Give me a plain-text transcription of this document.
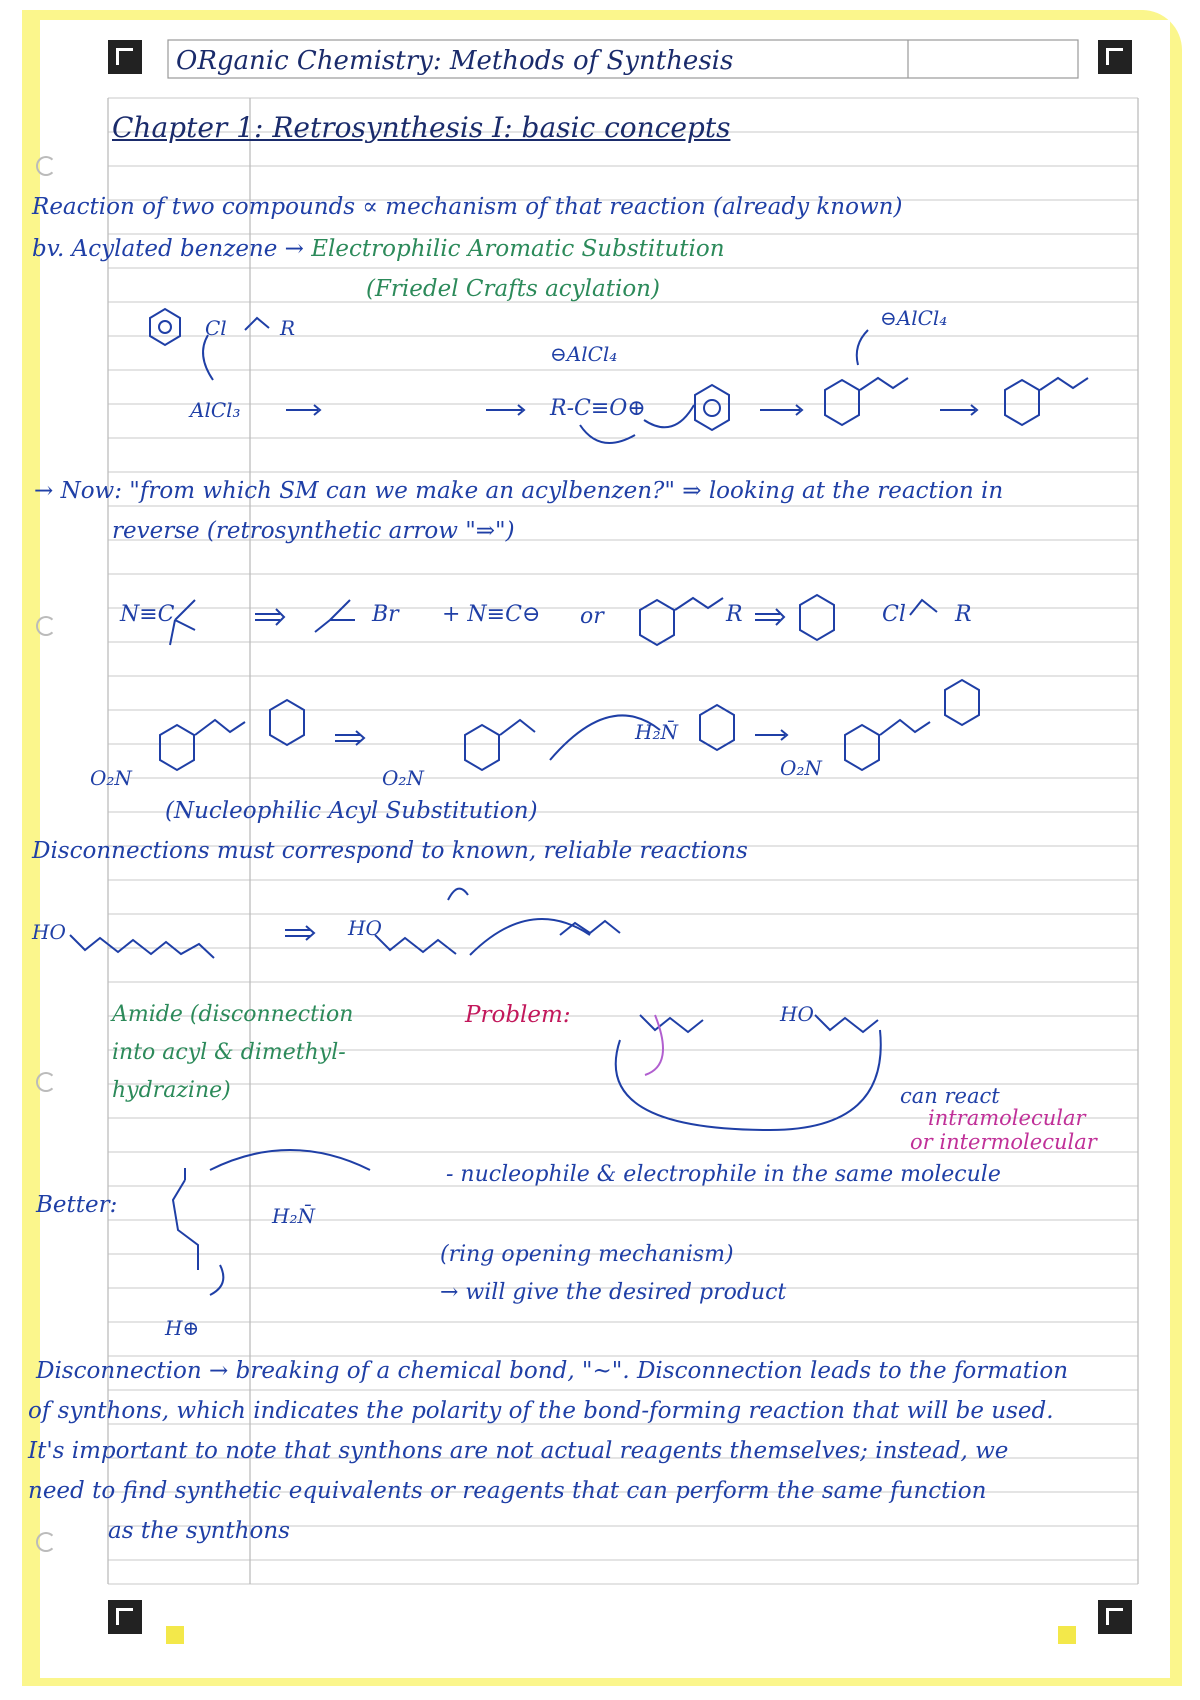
ORganic Chemistry: Methods of Synthesis
Chapter 1: Retrosynthesis I: basic concepts
Reaction of two compounds ∝ mechanism of that reaction (already known)
bv. Acylated benzene → Electrophilic Aromatic Substitution
(Friedel Crafts acylation)
Cl	R
AlCl₃	R-C≡O⊕
⊖AlCl₄
⊖AlCl₄
→ Now: "from which SM can we make an acylbenzen?" ⇒ looking at the reaction in
reverse (retrosynthetic arrow "⇒")
N≡C	Br + N≡C⊖ or	R	Cl R
O₂N	O₂N	O₂N
H₂N̄
(Nucleophilic Acyl Substitution)
Disconnections must correspond to known, reliable reactions
HO	HO
Amide (disconnection
into acyl & dimethyl-
hydrazine)
Problem:	HO
can react
intramolecular
or intermolecular
- nucleophile & electrophile in the same molecule
Better:	H₂N̄
H⊕
(ring opening mechanism)
→ will give the desired product
Disconnection → breaking of a chemical bond, "~". Disconnection leads to the formation
of synthons, which indicates the polarity of the bond-forming reaction that will be used.
It's important to note that synthons are not actual reagents themselves; instead, we
need to find synthetic equivalents or reagents that can perform the same function
as the synthons
